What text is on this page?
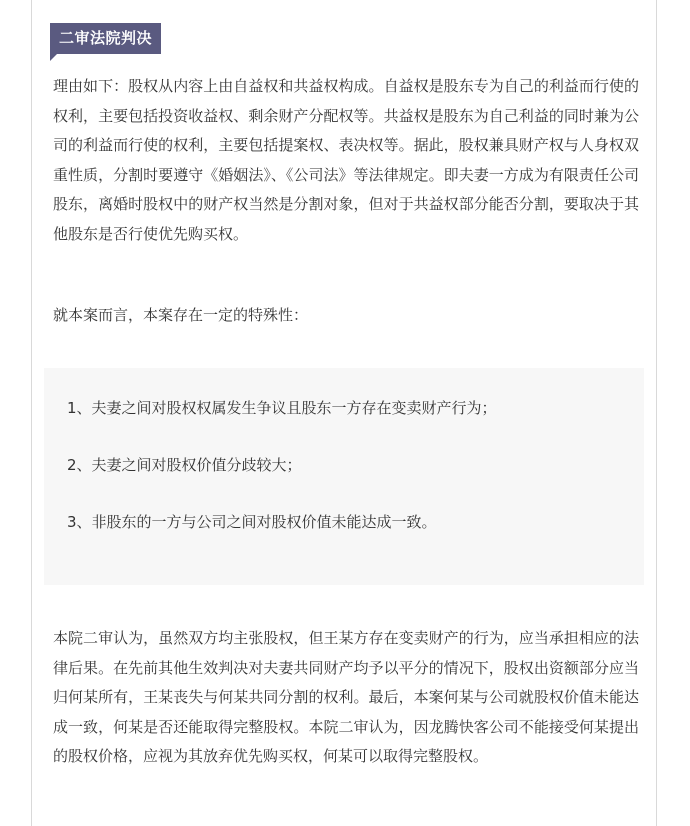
二审法院判决

理由如下：股权从内容上由自益权和共益权构成。自益权是股东专为自己的利益而行使的权利，主要包括投资收益权、剩余财产分配权等。共益权是股东为自己利益的同时兼为公司的利益而行使的权利，主要包括提案权、表决权等。据此，股权兼具财产权与人身权双重性质，分割时要遵守《婚姻法》、《公司法》等法律规定。即夫妻一方成为有限责任公司股东，离婚时股权中的财产权当然是分割对象，但对于共益权部分能否分割，要取决于其他股东是否行使优先购买权。

就本案而言，本案存在一定的特殊性：

1、夫妻之间对股权权属发生争议且股东一方存在变卖财产行为；
2、夫妻之间对股权价值分歧较大；
3、非股东的一方与公司之间对股权价值未能达成一致。

本院二审认为，虽然双方均主张股权，但王某方存在变卖财产的行为，应当承担相应的法律后果。在先前其他生效判决对夫妻共同财产均予以平分的情况下，股权出资额部分应当归何某所有，王某丧失与何某共同分割的权利。最后，本案何某与公司就股权价值未能达成一致，何某是否还能取得完整股权。本院二审认为，因龙腾快客公司不能接受何某提出的股权价格，应视为其放弃优先购买权，何某可以取得完整股权。
